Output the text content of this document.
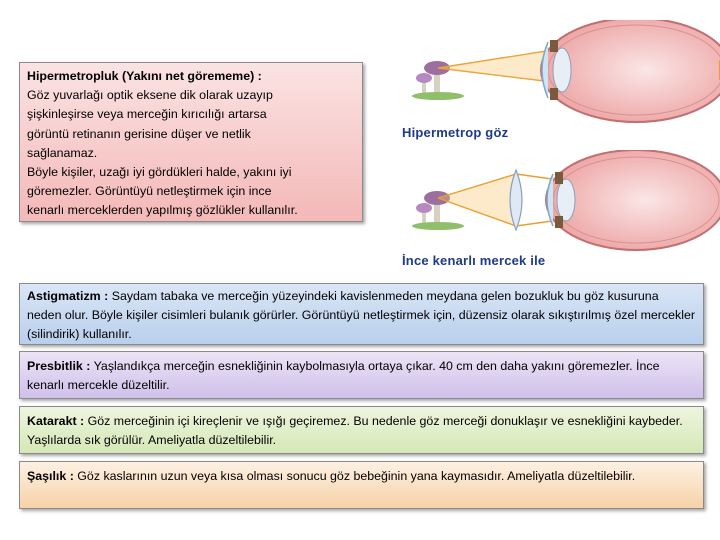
Hipermetropluk (Yakını net görememe) :
Göz yuvarlağı optik eksene dik olarak uzayıp
şişkinleşirse veya merceğin kırıcılığı artarsa
görüntü retinanın gerisine düşer ve netlik
sağlanamaz.
Böyle kişiler, uzağı iyi gördükleri halde, yakını iyi
göremezler. Görüntüyü netleştirmek için ince
kenarlı merceklerden yapılmış gözlükler kullanılır.
Hipermetrop göz
İnce kenarlı mercek ile
Astigmatizm : Saydam tabaka ve merceğin yüzeyindeki kavislenmeden meydana gelen bozukluk bu göz kusuruna neden olur. Böyle kişiler cisimleri bulanık görürler. Görüntüyü netleştirmek için, düzensiz olarak sıkıştırılmış özel mercekler (silindirik) kullanılır.
Presbitlik : Yaşlandıkça merceğin esnekliğinin kaybolmasıyla ortaya çıkar. 40 cm den daha yakını göremezler. İnce kenarlı mercekle düzeltilir.
Katarakt : Göz merceğinin içi kireçlenir ve ışığı geçiremez. Bu nedenle göz merceği donuklaşır ve esnekliğini kaybeder. Yaşlılarda sık görülür. Ameliyatla düzeltilebilir.
Şaşılık : Göz kaslarının uzun veya kısa olması sonucu göz bebeğinin yana kaymasıdır. Ameliyatla düzeltilebilir.
